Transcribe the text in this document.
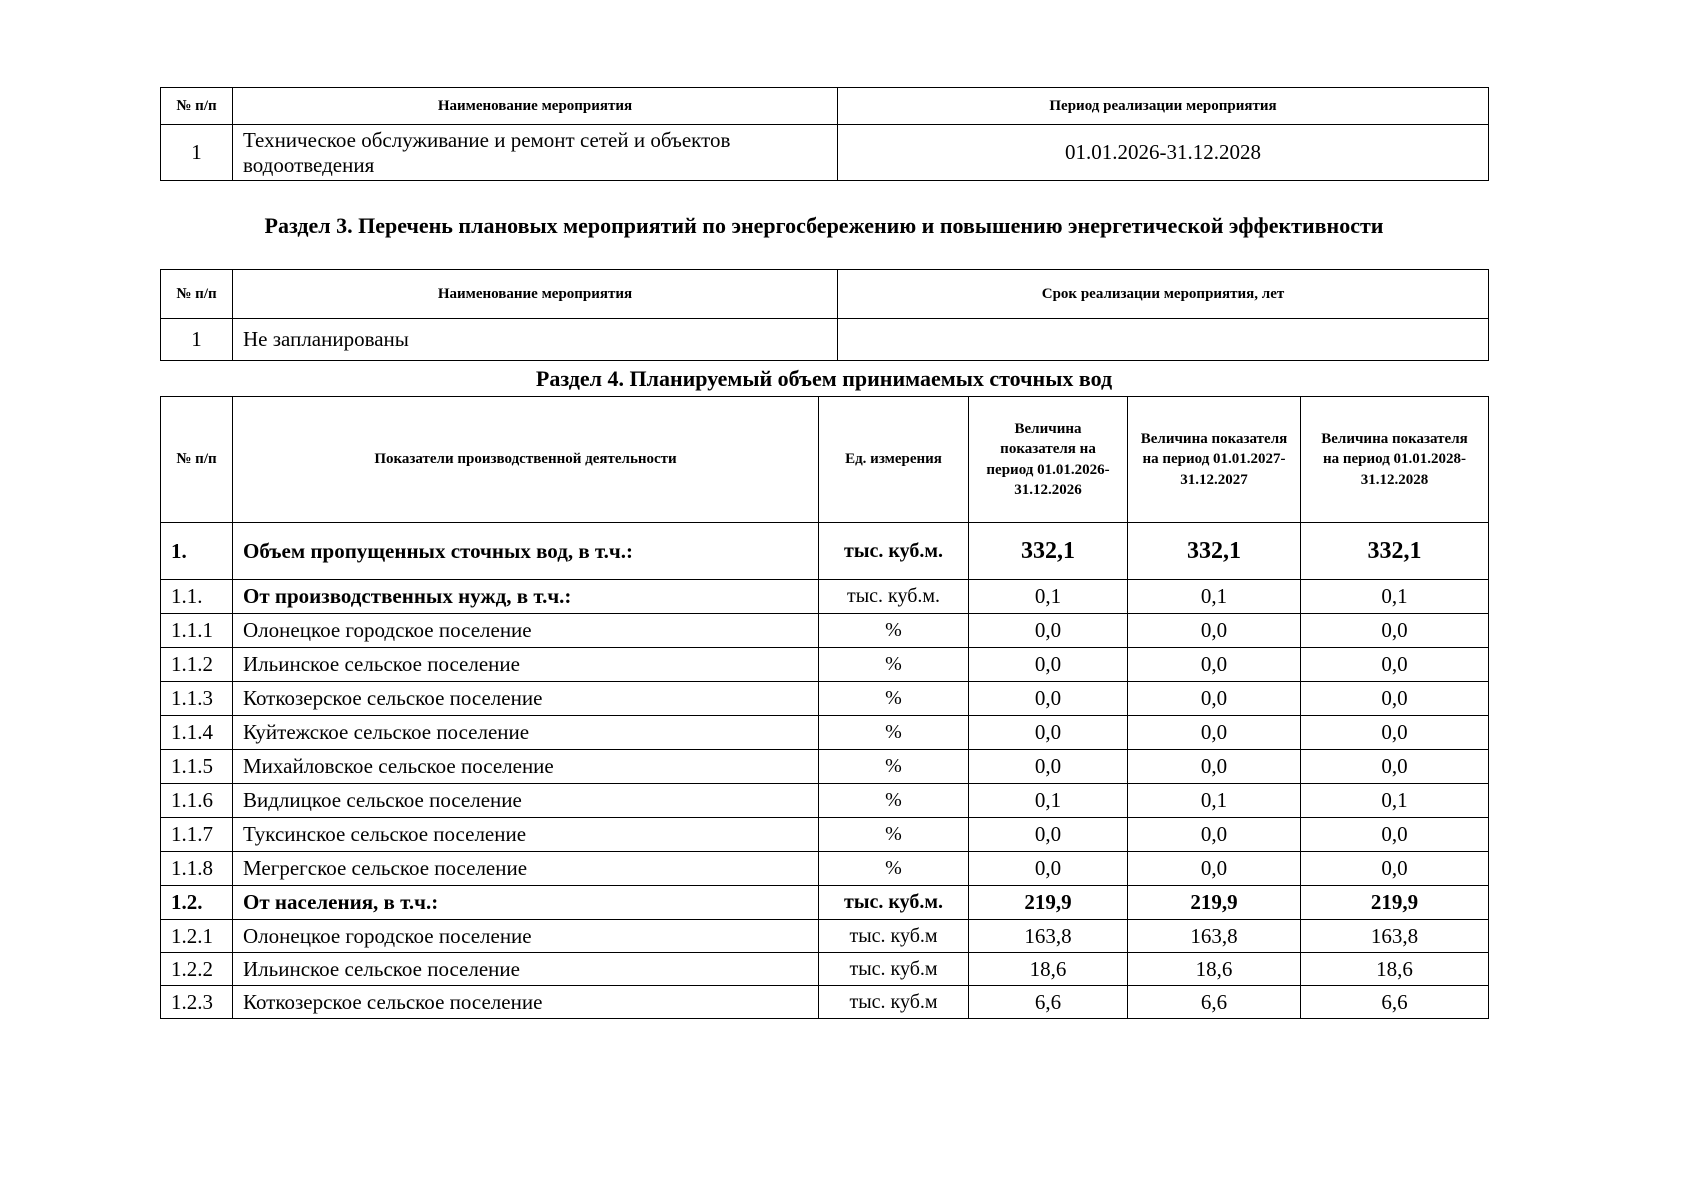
№ п/п	Наименование мероприятия	Период реализации мероприятия
1	Техническое обслуживание и ремонт сетей и объектов водоотведения	01.01.2026-31.12.2028
Раздел 3. Перечень плановых мероприятий по энергосбережению и повышению энергетической эффективности
№ п/п	Наименование мероприятия	Срок реализации мероприятия, лет
1	Не запланированы	
Раздел 4. Планируемый объем принимаемых сточных вод
№ п/п	Показатели производственной деятельности	Ед. измерения	Величина показателя на период 01.01.2026-31.12.2026	Величина показателя на период 01.01.2027-31.12.2027	Величина показателя на период 01.01.2028-31.12.2028
1.	Объем пропущенных сточных вод, в т.ч.:	тыс. куб.м.	332,1	332,1	332,1
1.1.	От производственных нужд, в т.ч.:	тыс. куб.м.	0,1	0,1	0,1
1.1.1	Олонецкое городское поселение	%	0,0	0,0	0,0
1.1.2	Ильинское сельское поселение	%	0,0	0,0	0,0
1.1.3	Коткозерское сельское поселение	%	0,0	0,0	0,0
1.1.4	Куйтежское сельское поселение	%	0,0	0,0	0,0
1.1.5	Михайловское сельское поселение	%	0,0	0,0	0,0
1.1.6	Видлицкое сельское поселение	%	0,1	0,1	0,1
1.1.7	Туксинское сельское поселение	%	0,0	0,0	0,0
1.1.8	Мегрегское сельское поселение	%	0,0	0,0	0,0
1.2.	От населения, в т.ч.:	тыс. куб.м.	219,9	219,9	219,9
1.2.1	Олонецкое городское поселение	тыс. куб.м	163,8	163,8	163,8
1.2.2	Ильинское сельское поселение	тыс. куб.м	18,6	18,6	18,6
1.2.3	Коткозерское сельское поселение	тыс. куб.м	6,6	6,6	6,6
